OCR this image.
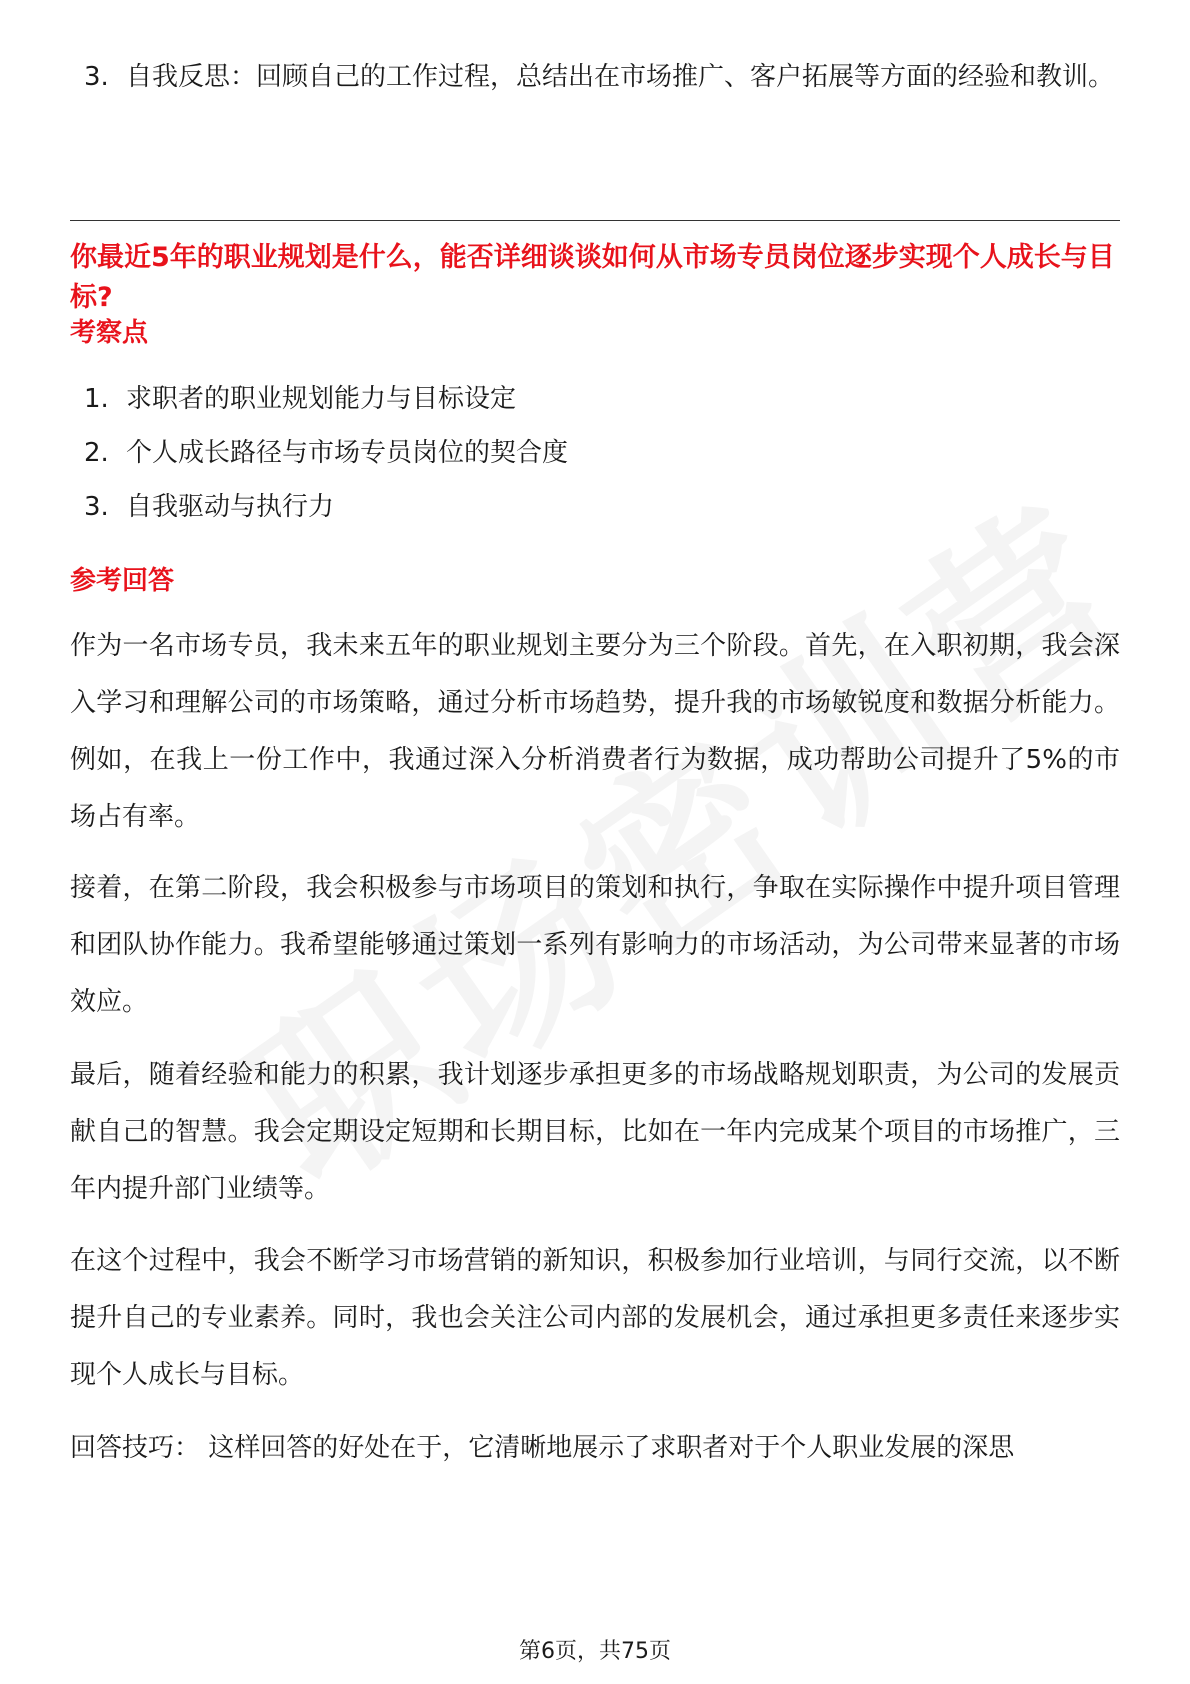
3. 自我反思：回顾自己的工作过程，总结出在市场推广、客户拓展等方面的经验和教训。
你最近5年的职业规划是什么，能否详细谈谈如何从市场专员岗位逐步实现个人成长与目标?
考察点
1. 求职者的职业规划能力与目标设定
2. 个人成长路径与市场专员岗位的契合度
3. 自我驱动与执行力
参考回答
作为一名市场专员，我未来五年的职业规划主要分为三个阶段。首先，在入职初期，我会深入学习和理解公司的市场策略，通过分析市场趋势，提升我的市场敏锐度和数据分析能力。例如，在我上一份工作中，我通过深入分析消费者行为数据，成功帮助公司提升了5%的市场占有率。
接着，在第二阶段，我会积极参与市场项目的策划和执行，争取在实际操作中提升项目管理和团队协作能力。我希望能够通过策划一系列有影响力的市场活动，为公司带来显著的市场效应。
最后，随着经验和能力的积累，我计划逐步承担更多的市场战略规划职责，为公司的发展贡献自己的智慧。我会定期设定短期和长期目标，比如在一年内完成某个项目的市场推广，三年内提升部门业绩等。
在这个过程中，我会不断学习市场营销的新知识，积极参加行业培训，与同行交流，以不断提升自己的专业素养。同时，我也会关注公司内部的发展机会，通过承担更多责任来逐步实现个人成长与目标。
回答技巧： 这样回答的好处在于，它清晰地展示了求职者对于个人职业发展的深思
第6页，共75页
